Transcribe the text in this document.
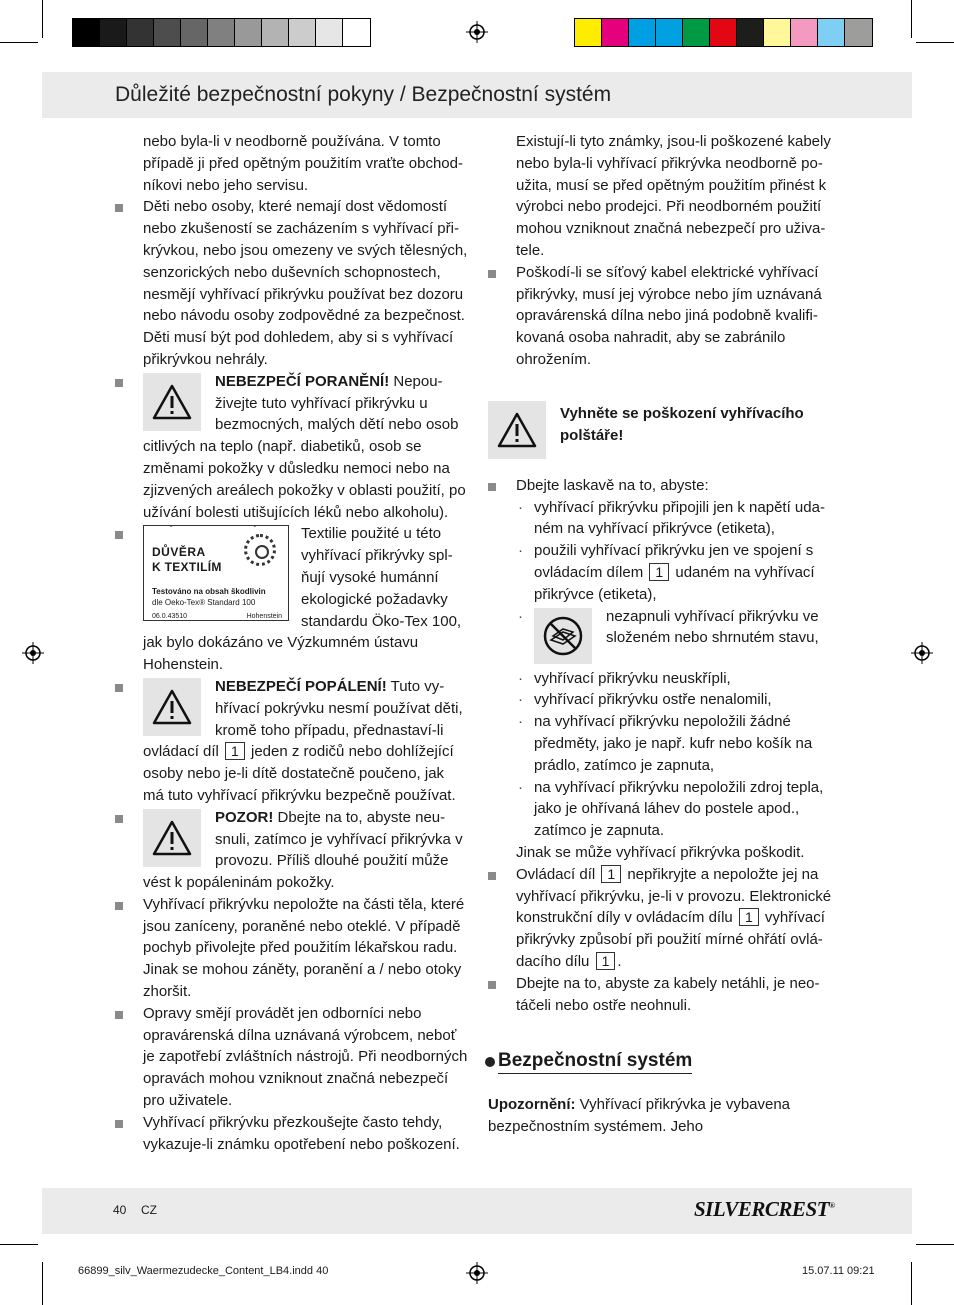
Důležité bezpečnostní pokyny / Bezpečnostní systém
nebo byla-li v neodborně používána. V tomto případě ji před opětným použitím vraťte obchod-níkovi nebo jeho servisu.
Děti nebo osoby, které nemají dost vědomostí nebo zkušeností se zacházením s vyhřívací při-krývkou, nebo jsou omezeny ve svých tělesných, senzorických nebo duševních schopnostech, nesmějí vyhřívací přikrývku používat bez dozoru nebo návodu osoby zodpovědné za bezpečnost. Děti musí být pod dohledem, aby si s vyhřívací přikrývkou nehrály.
NEBEZPEČÍ PORANĚNÍ! Nepou-živejte tuto vyhřívací přikrývku u bezmocných, malých dětí nebo osob citlivých na teplo (např. diabetiků, osob se změnami pokožky v důsledku nemoci nebo na zjizvených areálech pokožky v oblasti použití, po užívání bolesti utišujících léků nebo alkoholu).
DŮVĚRA
K TEXTILÍM
Testováno na obsah škodlivin
dle Oeko-Tex® Standard 100
06.0.43510	Hohenstein
Textilie použité u této vyhřívací přikrývky spl-ňují vysoké humánní ekologické požadavky standardu Öko-Tex 100, jak bylo dokázáno ve Výzkumném ústavu Hohenstein.
NEBEZPEČÍ POPÁLENÍ! Tuto vy-hřívací pokrývku nesmí používat děti, kromě toho případu, přednastaví-li ovládací díl 1 jeden z rodičů nebo dohlížející osoby nebo je-li dítě dostatečně poučeno, jak má tuto vyhřívací přikrývku bezpečně používat.
POZOR! Dbejte na to, abyste neu-snuli, zatímco je vyhřívací přikrývka v provozu. Příliš dlouhé použití může vést k popáleninám pokožky.
Vyhřívací přikrývku nepoložte na části těla, které jsou zaníceny, poraněné nebo oteklé. V případě pochyb přivolejte před použitím lékařskou radu. Jinak se mohou záněty, poranění a / nebo otoky zhoršit.
Opravy smějí provádět jen odborníci nebo opravárenská dílna uznávaná výrobcem, neboť je zapotřebí zvláštních nástrojů. Při neodborných opravách mohou vzniknout značná nebezpečí pro uživatele.
Vyhřívací přikrývku přezkoušejte často tehdy, vykazuje-li známku opotřebení nebo poškození.
Existují-li tyto známky, jsou-li poškozené kabely nebo byla-li vyhřívací přikrývka neodborně po-užita, musí se před opětným použitím přinést k výrobci nebo prodejci. Při neodborném použití mohou vzniknout značná nebezpečí pro uživa-tele.
Poškodí-li se síťový kabel elektrické vyhřívací přikrývky, musí jej výrobce nebo jím uznávaná opravárenská dílna nebo jiná podobně kvalifi-kovaná osoba nahradit, aby se zabránilo ohrožením.
Vyhněte se poškození vyhřívacího polštáře!
Dbejte laskavě na to, abyste:
· vyhřívací přikrývku připojili jen k napětí uda-ném na vyhřívací přikrývce (etiketa),
· použili vyhřívací přikrývku jen ve spojení s ovládacím dílem 1 udaném na vyhřívací přikrývce (etiketa),
· nezapnuli vyhřívací přikrývku ve složeném nebo shrnutém stavu,
· vyhřívací přikrývku neuskřípli,
· vyhřívací přikrývku ostře nenalomili,
· na vyhřívací přikrývku nepoložili žádné předměty, jako je např. kufr nebo košík na prádlo, zatímco je zapnuta,
· na vyhřívací přikrývku nepoložili zdroj tepla, jako je ohřívaná láhev do postele apod., zatímco je zapnuta.
Jinak se může vyhřívací přikrývka poškodit.
Ovládací díl 1 nepřikryjte a nepoložte jej na vyhřívací přikrývku, je-li v provozu. Elektronické konstrukční díly v ovládacím dílu 1 vyhřívací přikrývky způsobí při použití mírné ohřátí ovlá-dacího dílu 1 .
Dbejte na to, abyste za kabely netáhli, je neo-táčeli nebo ostře neohnuli.
Bezpečnostní systém
Upozornění: Vyhřívací přikrývka je vybavena bezpečnostním systémem. Jeho
40 CZ	SILVERCREST®
66899_silv_Waermezudecke_Content_LB4.indd 40	15.07.11 09:21
